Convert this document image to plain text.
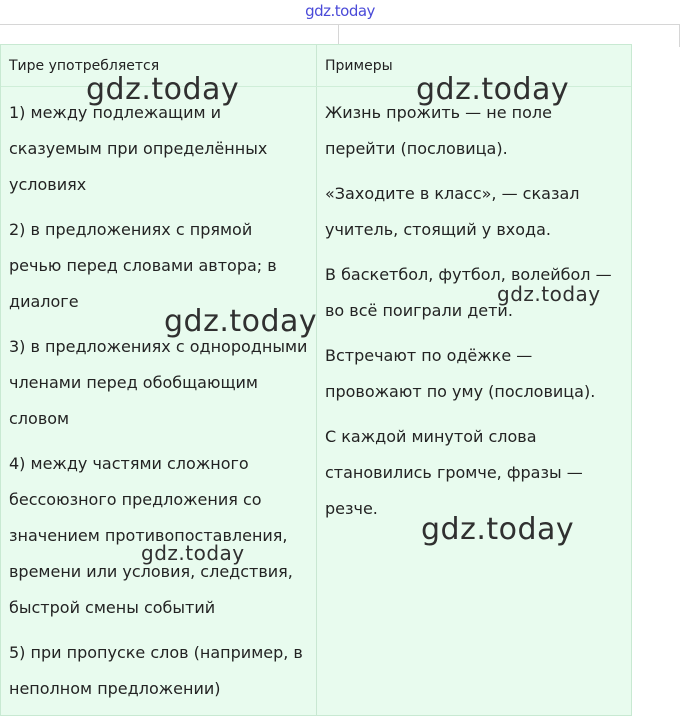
gdz.today
Тире употребляется	Примеры
1) между подлежащим и сказуемым при определённых условиях
2) в предложениях с прямой речью перед словами автора; в диалоге
3) в предложениях с однородными членами перед обобщающим словом
4) между частями сложного бессоюзного предложения со значением противопоставления, времени или условия, следствия, быстрой смены событий
5) при пропуске слов (например, в неполном предложении)
Жизнь прожить — не поле перейти (пословица).
«Заходите в класс», — сказал учитель, стоящий у входа.
В баскетбол, футбол, волейбол — во всё поиграли дети.
Встречают по одёжке — провожают по уму (пословица).
С каждой минутой слова становились громче, фразы — резче.
gdz.today	gdz.today
gdz.today
gdz.today
gdz.today
gdz.today
